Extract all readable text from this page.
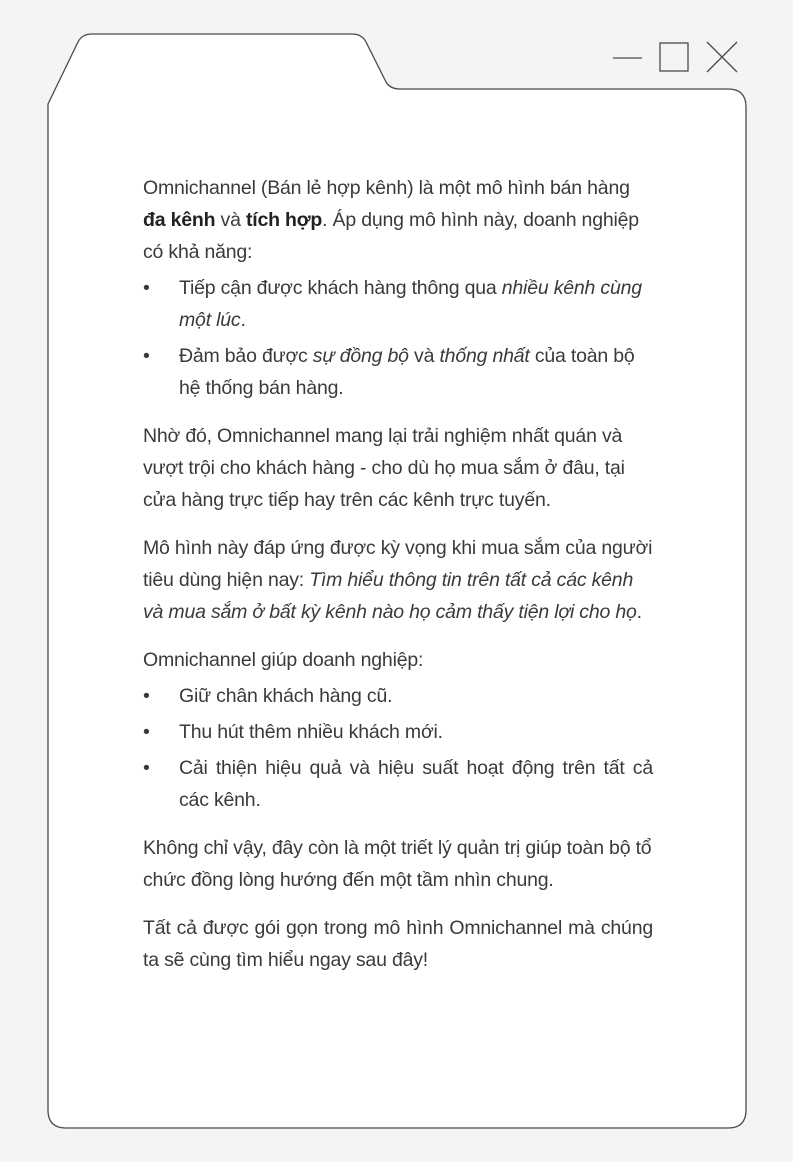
Omnichannel (Bán lẻ hợp kênh) là một mô hình bán hàng đa kênh và tích hợp. Áp dụng mô hình này, doanh nghiệp có khả năng:

• Tiếp cận được khách hàng thông qua nhiều kênh cùng một lúc.
• Đảm bảo được sự đồng bộ và thống nhất của toàn bộ hệ thống bán hàng.

Nhờ đó, Omnichannel mang lại trải nghiệm nhất quán và vượt trội cho khách hàng - cho dù họ mua sắm ở đâu, tại cửa hàng trực tiếp hay trên các kênh trực tuyến.

Mô hình này đáp ứng được kỳ vọng khi mua sắm của người tiêu dùng hiện nay: Tìm hiểu thông tin trên tất cả các kênh và mua sắm ở bất kỳ kênh nào họ cảm thấy tiện lợi cho họ.

Omnichannel giúp doanh nghiệp:

• Giữ chân khách hàng cũ.
• Thu hút thêm nhiều khách mới.
• Cải thiện hiệu quả và hiệu suất hoạt động trên tất cả các kênh.

Không chỉ vậy, đây còn là một triết lý quản trị giúp toàn bộ tổ chức đồng lòng hướng đến một tầm nhìn chung.

Tất cả được gói gọn trong mô hình Omnichannel mà chúng ta sẽ cùng tìm hiểu ngay sau đây!
